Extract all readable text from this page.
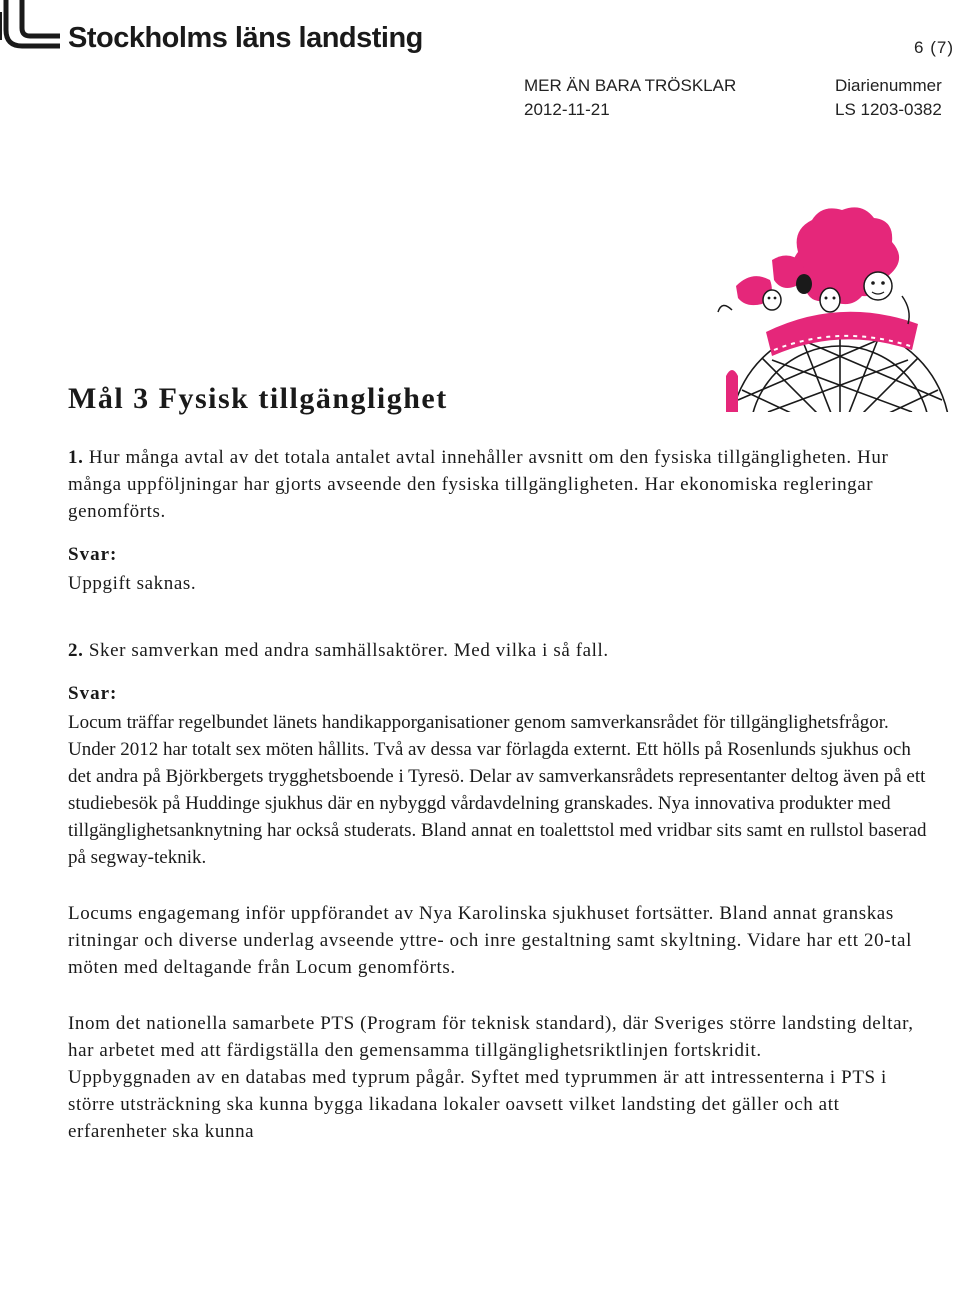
Stockholms läns landsting	6 (7)
MER ÄN BARA TRÖSKLAR
2012-11-21
Diarienummer
LS 1203-0382
Mål 3 Fysisk tillgänglighet

1. Hur många avtal av det totala antalet avtal innehåller avsnitt om den fysiska tillgängligheten. Hur många uppföljningar har gjorts avseende den fysiska tillgängligheten. Har ekonomiska regleringar genomförts.

Svar:

Uppgift saknas.

2. Sker samverkan med andra samhällsaktörer. Med vilka i så fall.

Svar:

Locum träffar regelbundet länets handikapporganisationer genom samverkansrådet för tillgänglighetsfrågor. Under 2012 har totalt sex möten hållits. Två av dessa var förlagda externt. Ett hölls på Rosenlunds sjukhus och det andra på Björkbergets trygghetsboende i Tyresö. Delar av samverkansrådets representanter deltog även på ett studiebesök på Huddinge sjukhus där en nybyggd vårdavdelning granskades. Nya innovativa produkter med tillgänglighetsanknytning har också studerats. Bland annat en toalettstol med vridbar sits samt en rullstol baserad på segway-teknik.

Locums engagemang inför uppförandet av Nya Karolinska sjukhuset fortsätter. Bland annat granskas ritningar och diverse underlag avseende yttre- och inre gestaltning samt skyltning. Vidare har ett 20-tal möten med deltagande från Locum genomförts.

Inom det nationella samarbete PTS (Program för teknisk standard), där Sveriges större landsting deltar, har arbetet med att färdigställa den gemensamma tillgänglighetsriktlinjen fortskridit.

Uppbyggnaden av en databas med typrum pågår. Syftet med typrummen är att intressenterna i PTS i större utsträckning ska kunna bygga likadana lokaler oavsett vilket landsting det gäller och att erfarenheter ska kunna
